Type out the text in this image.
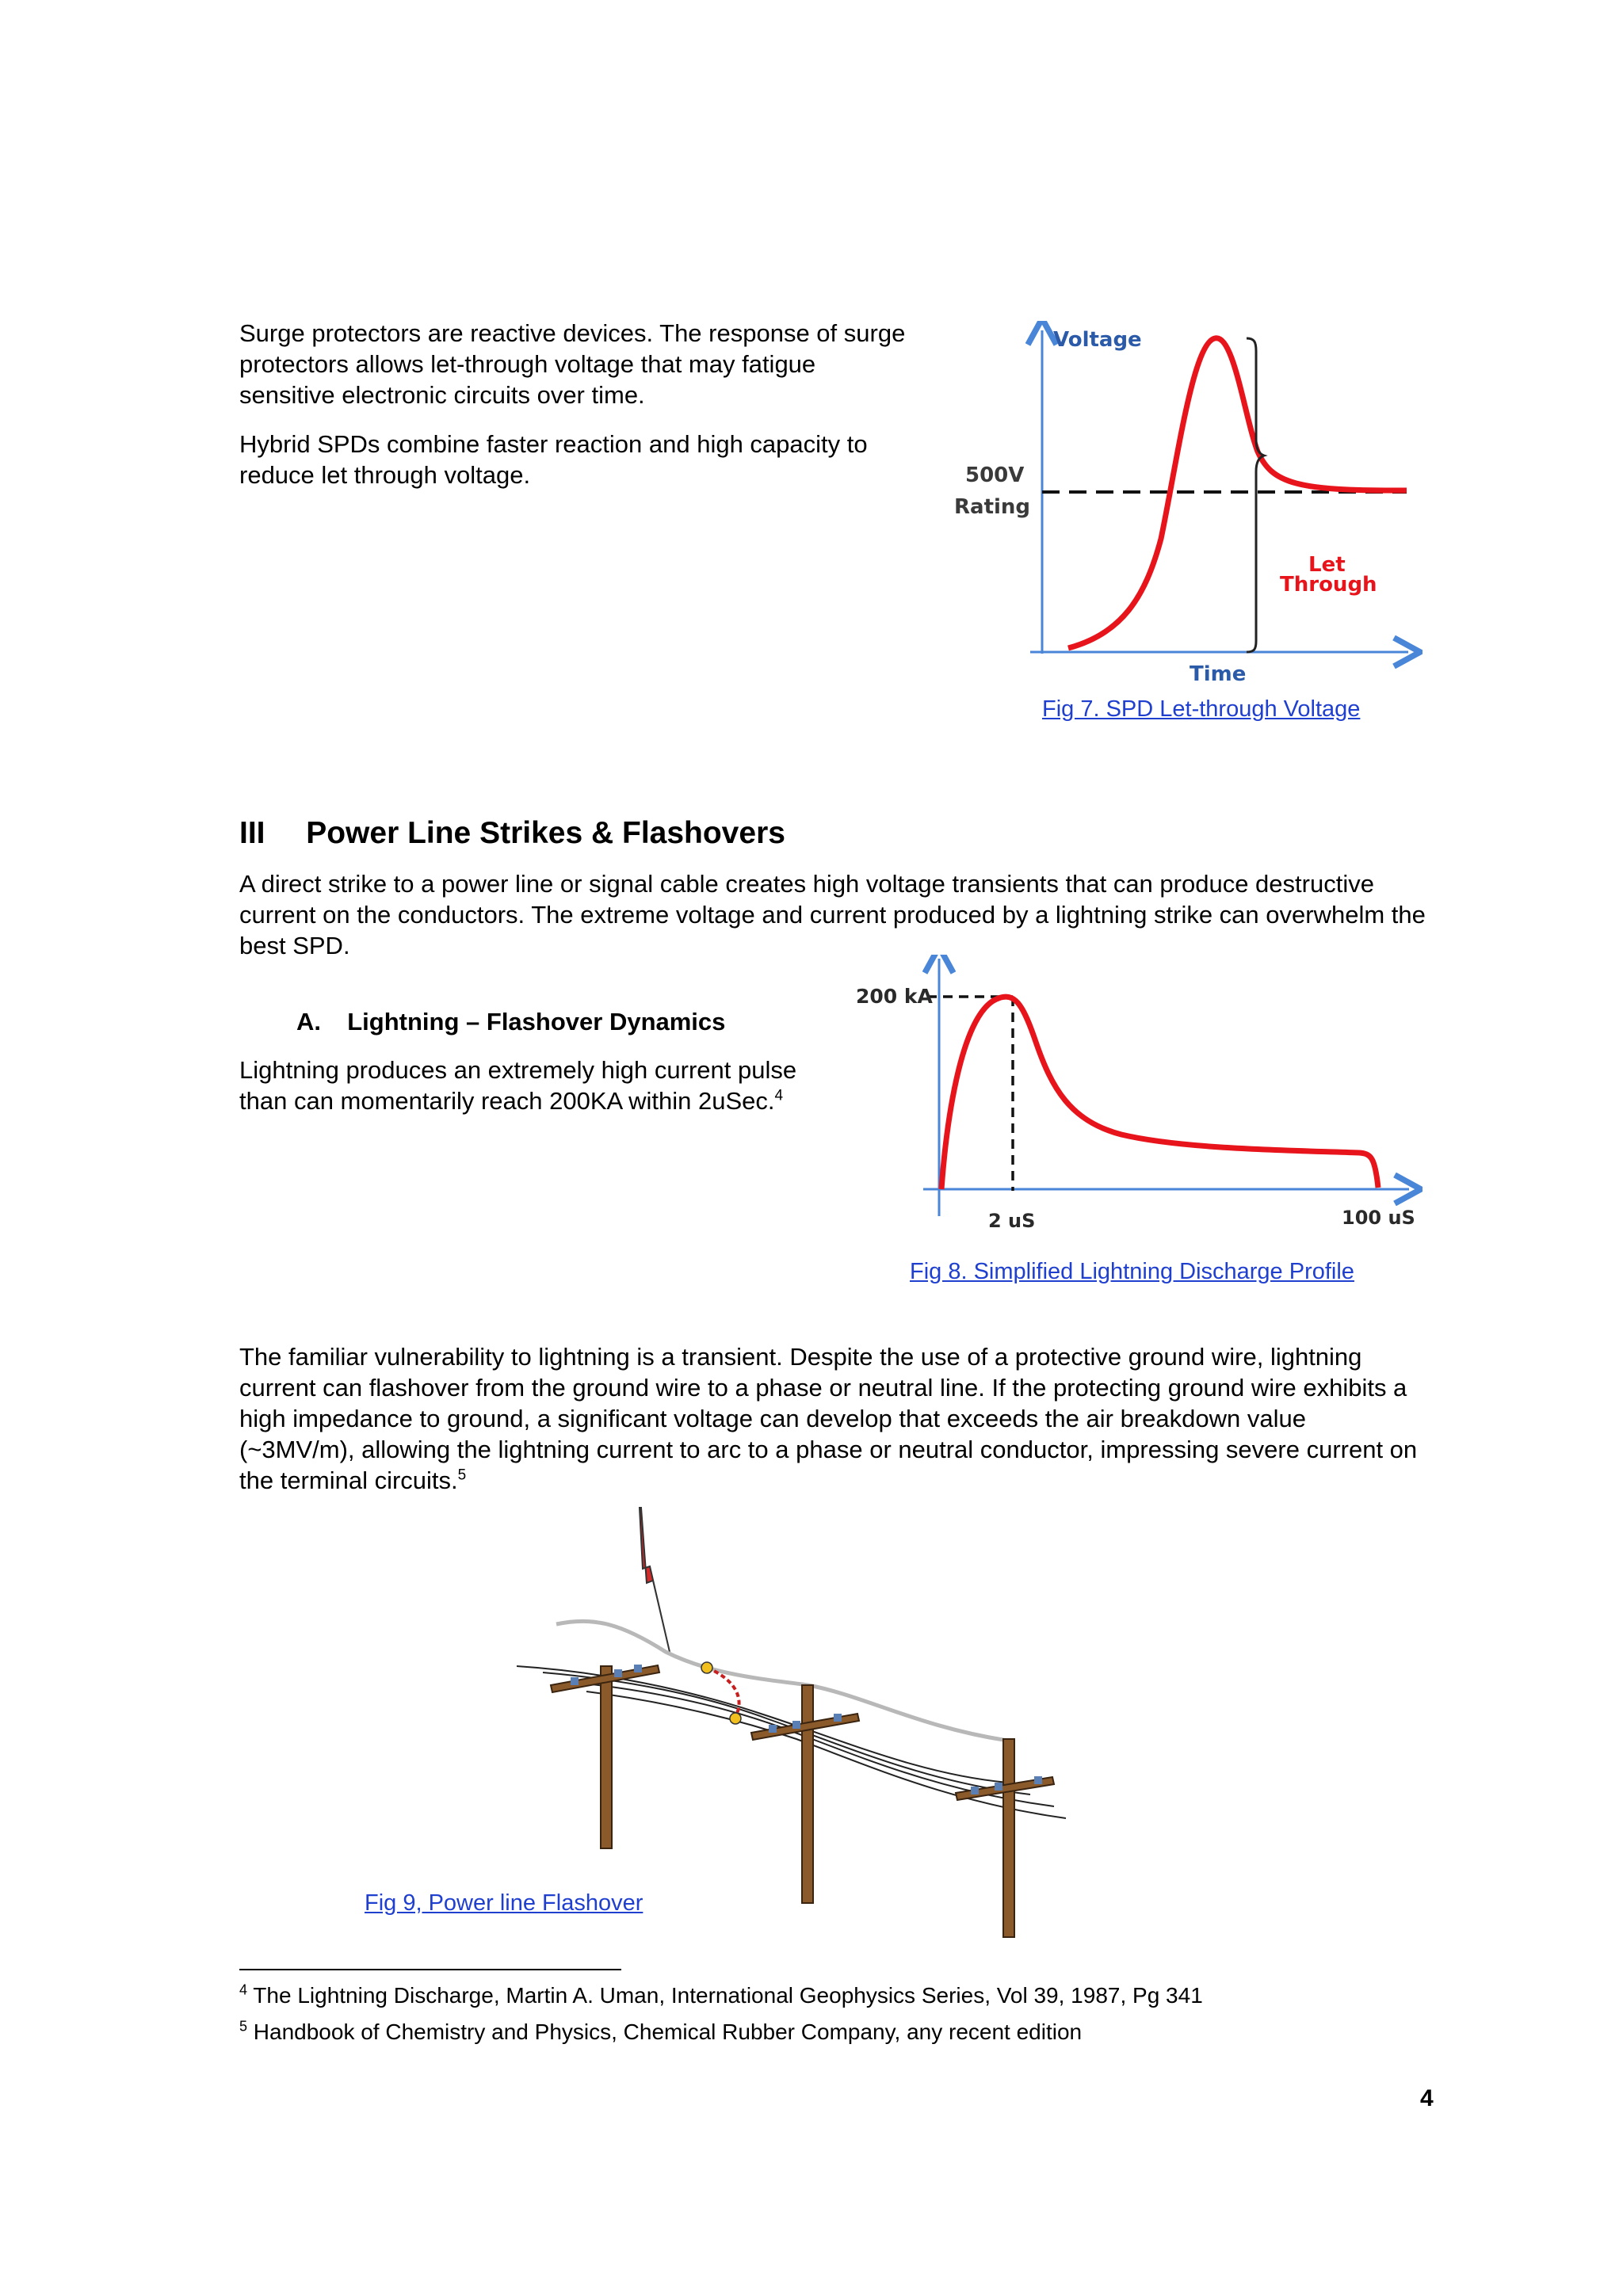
Surge protectors are reactive devices. The response of surge protectors allows let-through voltage that may fatigue sensitive electronic circuits over time.

Hybrid SPDs combine faster reaction and high capacity to reduce let through voltage.

Voltage
500V
Rating
Let
Through
Time
Fig 7. SPD Let-through Voltage
III Power Line Strikes & Flashovers

A direct strike to a power line or signal cable creates high voltage transients that can produce destructive current on the conductors. The extreme voltage and current produced by a lightning strike can overwhelm the best SPD.

A. Lightning – Flashover Dynamics

Lightning produces an extremely high current pulse than can momentarily reach 200KA within 2uSec.$^4$

200 kA
2 uS	100 uS
Fig 8. Simplified Lightning Discharge Profile

The familiar vulnerability to lightning is a transient. Despite the use of a protective ground wire, lightning current can flashover from the ground wire to a phase or neutral line. If the protecting ground wire exhibits a high impedance to ground, a significant voltage can develop that exceeds the air breakdown value (~3MV/m), allowing the lightning current to arc to a phase or neutral conductor, impressing severe current on the terminal circuits.$^5$

Fig 9, Power line Flashover
$^4$ The Lightning Discharge, Martin A. Uman, International Geophysics Series, Vol 39, 1987, Pg 341
$^5$ Handbook of Chemistry and Physics, Chemical Rubber Company, any recent edition
4
